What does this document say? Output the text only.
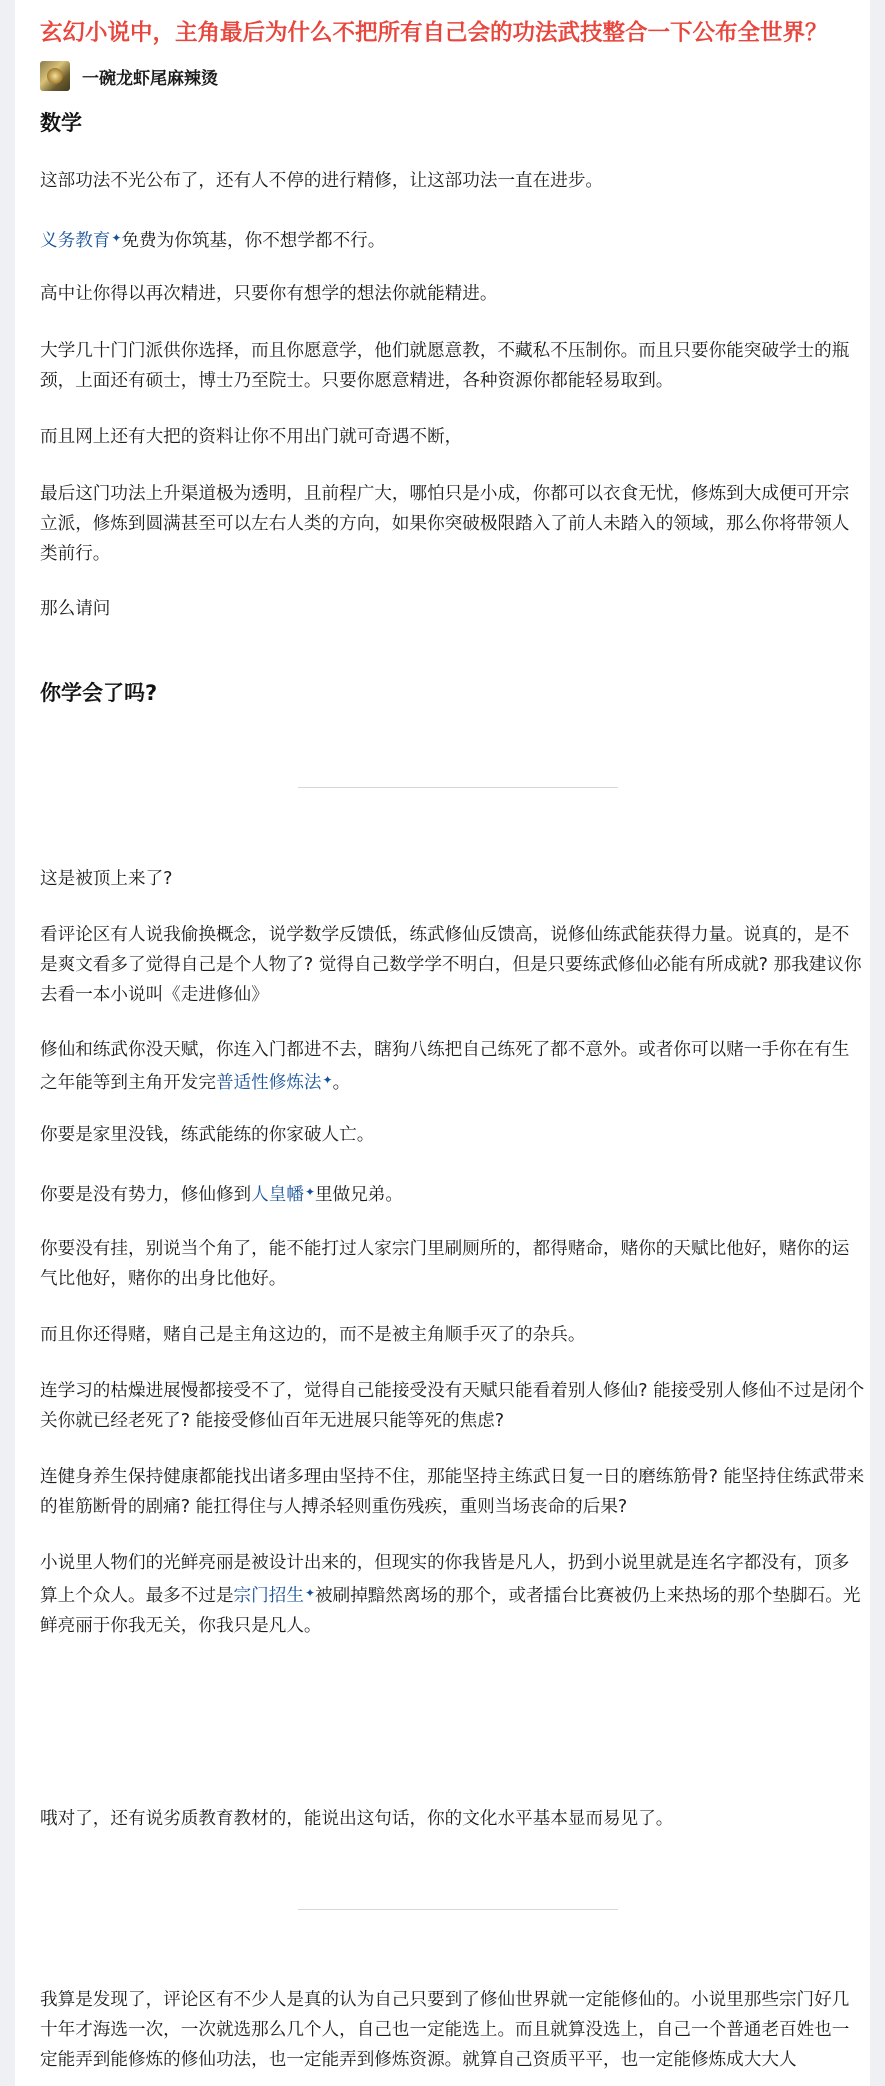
玄幻小说中，主角最后为什么不把所有自己会的功法武技整合一下公布全世界？
一碗龙虾尾麻辣烫
数学

这部功法不光公布了，还有人不停的进行精修，让这部功法一直在进步。

义务教育✦免费为你筑基，你不想学都不行。

高中让你得以再次精进，只要你有想学的想法你就能精进。

大学几十门门派供你选择，而且你愿意学，他们就愿意教，不藏私不压制你。而且只要你能突破学士的瓶颈，上面还有硕士，博士乃至院士。只要你愿意精进，各种资源你都能轻易取到。

而且网上还有大把的资料让你不用出门就可奇遇不断，

最后这门功法上升渠道极为透明，且前程广大，哪怕只是小成，你都可以衣食无忧，修炼到大成便可开宗立派，修炼到圆满甚至可以左右人类的方向，如果你突破极限踏入了前人未踏入的领域，那么你将带领人类前行。

那么请问

你学会了吗?

这是被顶上来了?

看评论区有人说我偷换概念，说学数学反馈低，练武修仙反馈高，说修仙练武能获得力量。说真的，是不是爽文看多了觉得自己是个人物了? 觉得自己数学学不明白，但是只要练武修仙必能有所成就? 那我建议你去看一本小说叫《走进修仙》

修仙和练武你没天赋，你连入门都进不去，瞎狗八练把自己练死了都不意外。或者你可以赌一手你在有生之年能等到主角开发完普适性修炼法✦。

你要是家里没钱，练武能练的你家破人亡。

你要是没有势力，修仙修到人皇幡✦里做兄弟。

你要没有挂，别说当个角了，能不能打过人家宗门里刷厕所的，都得赌命，赌你的天赋比他好，赌你的运气比他好，赌你的出身比他好。

而且你还得赌，赌自己是主角这边的，而不是被主角顺手灭了的杂兵。

连学习的枯燥进展慢都接受不了，觉得自己能接受没有天赋只能看着别人修仙? 能接受别人修仙不过是闭个关你就已经老死了? 能接受修仙百年无进展只能等死的焦虑?

连健身养生保持健康都能找出诸多理由坚持不住，那能坚持主练武日复一日的磨练筋骨? 能坚持住练武带来的崔筋断骨的剧痛? 能扛得住与人搏杀轻则重伤残疾，重则当场丧命的后果?

小说里人物们的光鲜亮丽是被设计出来的，但现实的你我皆是凡人，扔到小说里就是连名字都没有，顶多算上个众人。最多不过是宗门招生✦被刷掉黯然离场的那个，或者擂台比赛被仍上来热场的那个垫脚石。光鲜亮丽于你我无关，你我只是凡人。

哦对了，还有说劣质教育教材的，能说出这句话，你的文化水平基本显而易见了。

我算是发现了，评论区有不少人是真的认为自己只要到了修仙世界就一定能修仙的。小说里那些宗门好几十年才海选一次，一次就选那么几个人，自己也一定能选上。而且就算没选上，自己一个普通老百姓也一定能弄到能修炼的修仙功法，也一定能弄到修炼资源。就算自己资质平平，也一定能修炼成大大人
